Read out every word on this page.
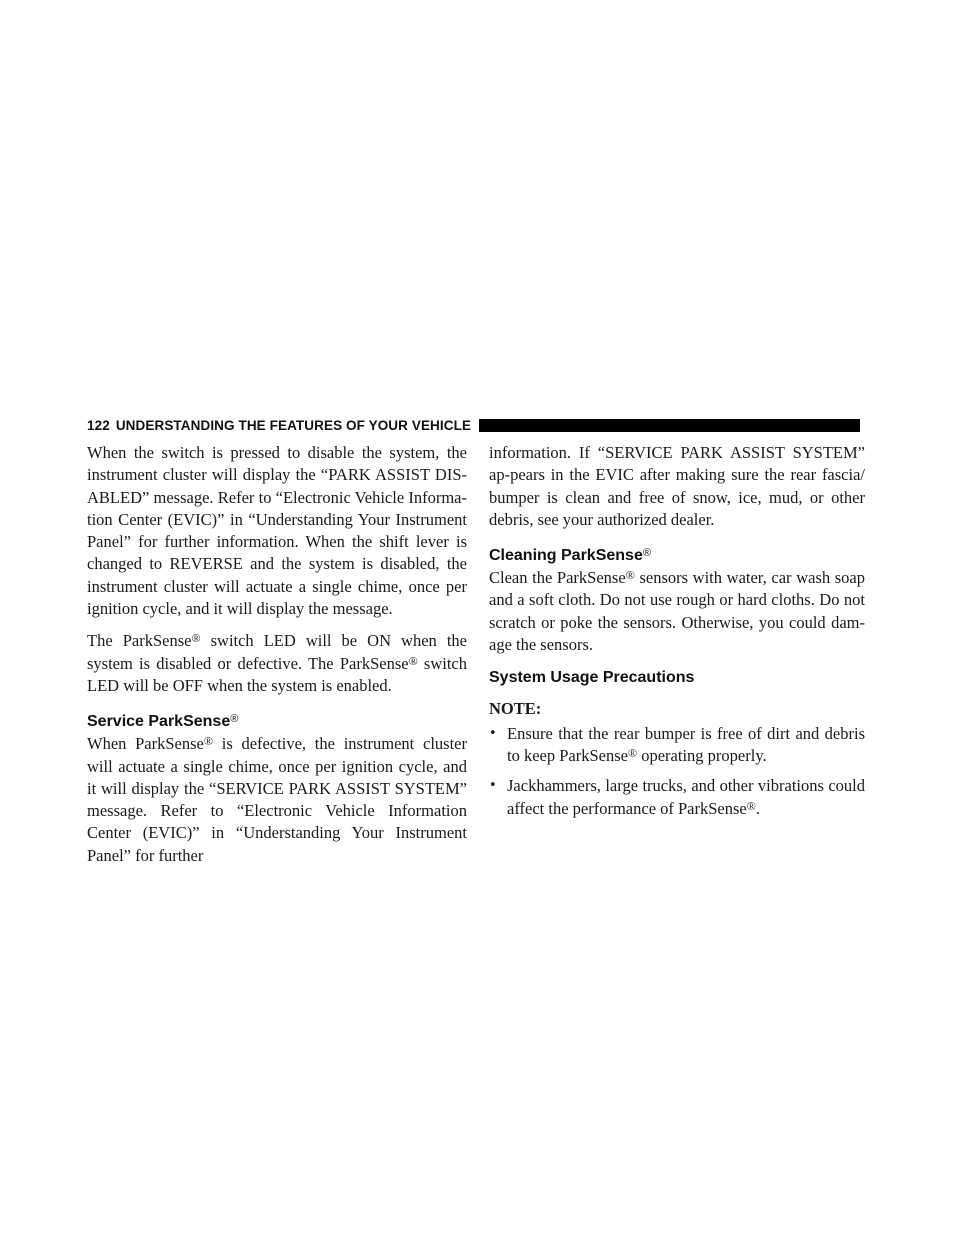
122 UNDERSTANDING THE FEATURES OF YOUR VEHICLE

When the switch is pressed to disable the system, the instrument cluster will display the “PARK ASSIST DIS-ABLED” message. Refer to “Electronic Vehicle Informa-tion Center (EVIC)” in “Understanding Your Instrument Panel” for further information. When the shift lever is changed to REVERSE and the system is disabled, the instrument cluster will actuate a single chime, once per ignition cycle, and it will display the message.

The ParkSense® switch LED will be ON when the system is disabled or defective. The ParkSense® switch LED will be OFF when the system is enabled.

Service ParkSense®

When ParkSense® is defective, the instrument cluster will actuate a single chime, once per ignition cycle, and it will display the “SERVICE PARK ASSIST SYSTEM” message. Refer to “Electronic Vehicle Information Center (EVIC)” in “Understanding Your Instrument Panel” for further

information. If “SERVICE PARK ASSIST SYSTEM” ap-pears in the EVIC after making sure the rear fascia/ bumper is clean and free of snow, ice, mud, or other debris, see your authorized dealer.

Cleaning ParkSense®

Clean the ParkSense® sensors with water, car wash soap and a soft cloth. Do not use rough or hard cloths. Do not scratch or poke the sensors. Otherwise, you could dam-age the sensors.

System Usage Precautions
NOTE:
• Ensure that the rear bumper is free of dirt and debris to keep ParkSense® operating properly.
• Jackhammers, large trucks, and other vibrations could affect the performance of ParkSense®.
